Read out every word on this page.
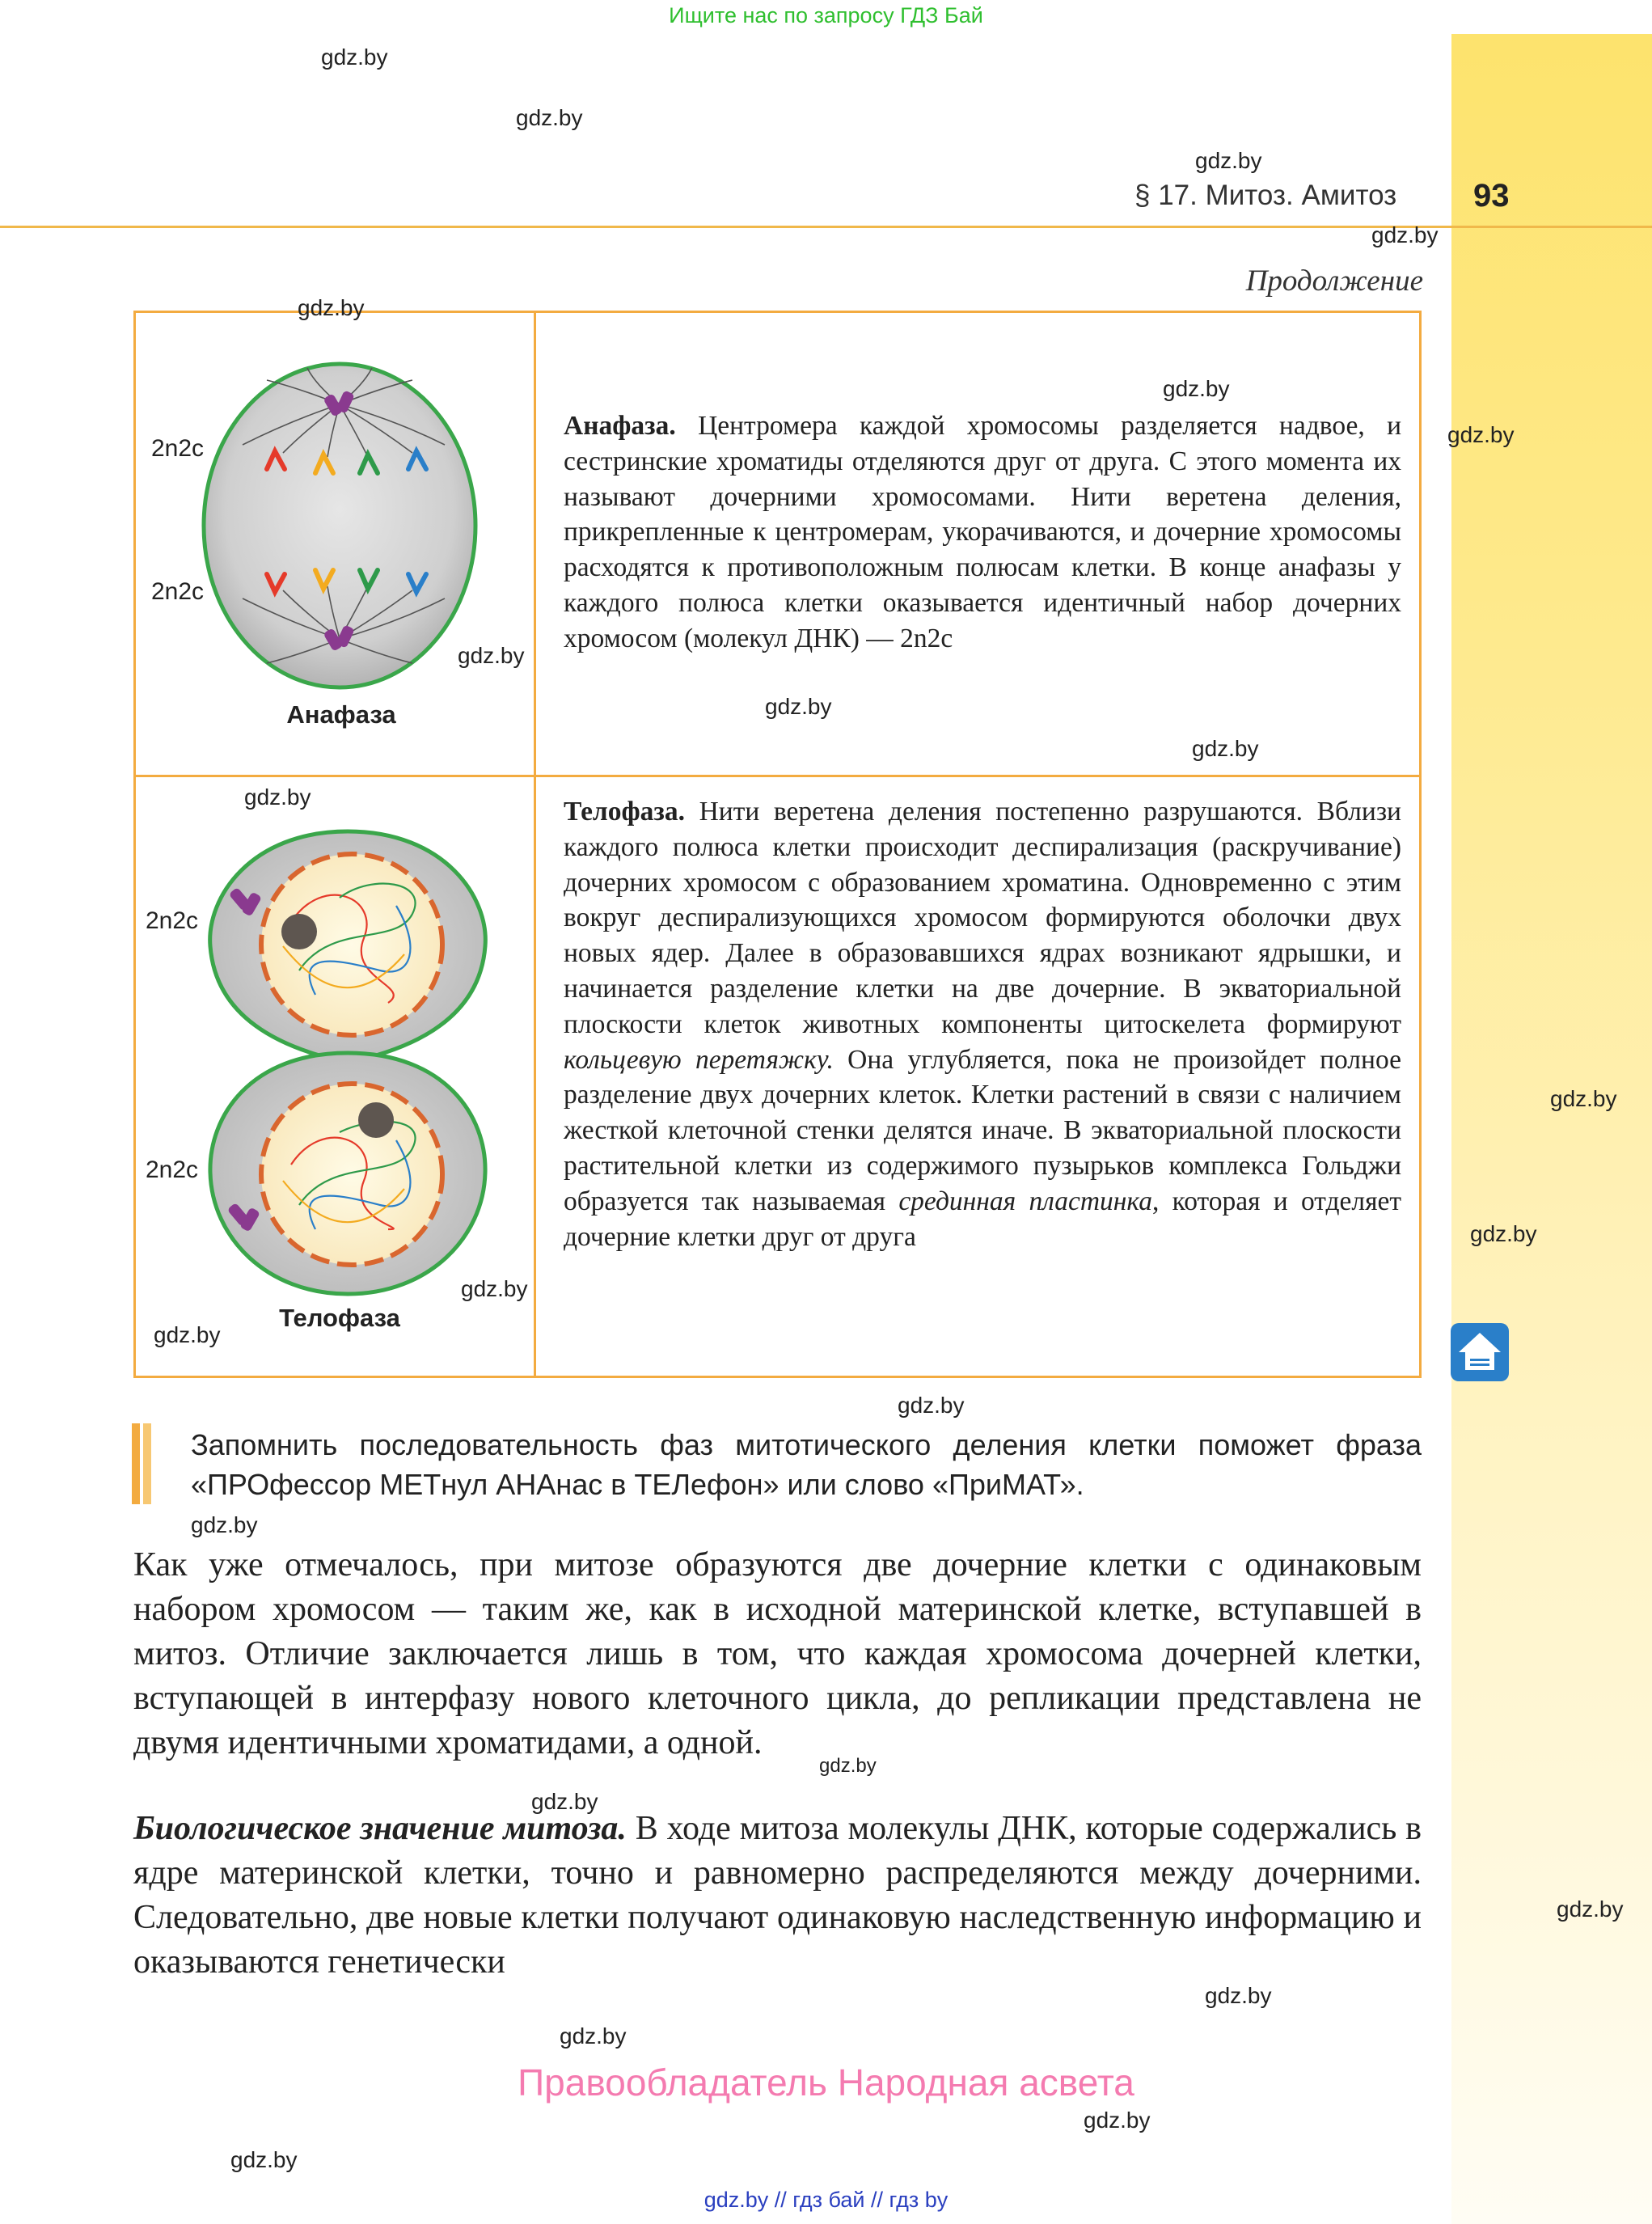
Ищите нас по запросу ГДЗ Бай
§ 17. Митоз. Амитоз 93
Продолжение
2n2c
2n2c
Анафаза
Анафаза. Центромера каждой хромосомы разделяется надвое, и сестринские хроматиды отделяются друг от друга. С этого момента их называют дочерними хромосомами. Нити веретена деления, прикрепленные к центромерам, укорачиваются, и дочерние хромосомы расходятся к противоположным полюсам клетки. В конце анафазы у каждого полюса клетки оказывается идентичный набор дочерних хромосом (молекул ДНК) — 2n2c
2n2c
2n2c
Телофаза
Телофаза. Нити веретена деления постепенно разрушаются. Вблизи каждого полюса клетки происходит деспирализация (раскручивание) дочерних хромосом с образованием хроматина. Одновременно с этим вокруг деспирализующихся хромосом формируются оболочки двух новых ядер. Далее в образовавшихся ядрах возникают ядрышки, и начинается разделение клетки на две дочерние. В экваториальной плоскости клеток животных компоненты цитоскелета формируют кольцевую перетяжку. Она углубляется, пока не произойдет полное разделение двух дочерних клеток. Клетки растений в связи с наличием жесткой клеточной стенки делятся иначе. В экваториальной плоскости растительной клетки из содержимого пузырьков комплекса Гольджи образуется так называемая срединная пластинка, которая и отделяет дочерние клетки друг от друга
Запомнить последовательность фаз митотического деления клетки поможет фраза «ПРОфессор МЕТнул АНАнас в ТЕЛефон» или слово «ПриМАТ».
Как уже отмечалось, при митозе образуются две дочерние клетки с одинаковым набором хромосом — таким же, как в исходной материнской клетке, вступавшей в митоз. Отличие заключается лишь в том, что каждая хромосома дочерней клетки, вступающей в интерфазу нового клеточного цикла, до репликации представлена не двумя идентичными хроматидами, а одной.
Биологическое значение митоза. В ходе митоза молекулы ДНК, которые содержались в ядре материнской клетки, точно и равномерно распределяются между дочерними. Следовательно, две новые клетки получают одинаковую наследственную информацию и оказываются генетически
Правообладатель Народная асвета
gdz.by // гдз бай // гдз by
gdz.by
gdz.by
gdz.by
gdz.by
gdz.by
gdz.by
gdz.by
gdz.by
gdz.by
gdz.by
gdz.by
gdz.by
gdz.by
gdz.by
gdz.by
gdz.by
gdz.by
gdz.by
gdz.by
gdz.by
gdz.by
gdz.by
gdz.by
gdz.by
